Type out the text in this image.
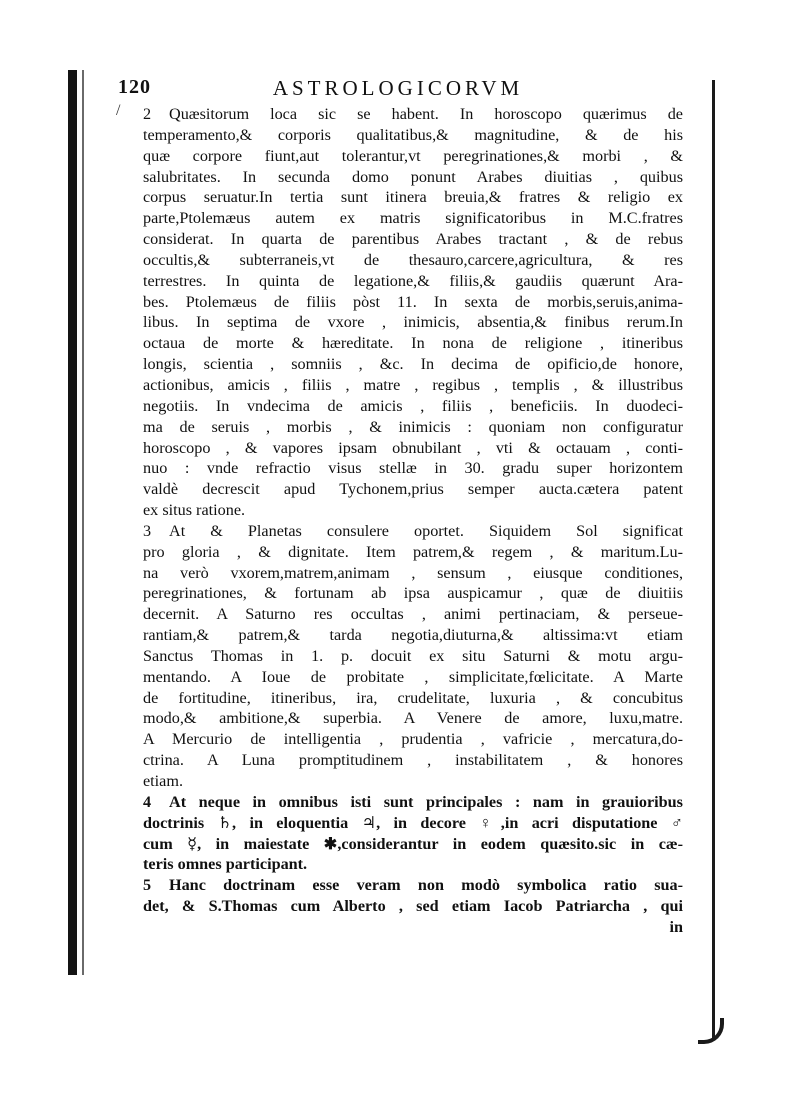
/
120	ASTROLOGICORVM
2 Quæsitorum loca sic se habent. In horoscopo quærimus de
temperamento,& corporis qualitatibus,& magnitudine, & de his
quæ corpore fiunt,aut tolerantur,vt peregrinationes,& morbi , &
salubritates. In secunda domo ponunt Arabes diuitias , quibus
corpus seruatur.In tertia sunt itinera breuia,& fratres & religio ex
parte,Ptolemæus autem ex matris significatoribus in M.C.fratres
considerat. In quarta de parentibus Arabes tractant , & de rebus
occultis,& subterraneis,vt de thesauro,carcere,agricultura, & res
terrestres. In quinta de legatione,& filiis,& gaudiis quærunt Ara-
bes. Ptolemæus de filiis pòst 11. In sexta de morbis,seruis,anima-
libus. In septima de vxore , inimicis, absentia,& finibus rerum.In
octaua de morte & hæreditate. In nona de religione , itineribus
longis, scientia , somniis , &c. In decima de opificio,de honore,
actionibus, amicis , filiis , matre , regibus , templis , & illustribus
negotiis. In vndecima de amicis , filiis , beneficiis. In duodeci-
ma de seruis , morbis , & inimicis : quoniam non configuratur
horoscopo , & vapores ipsam obnubilant , vti & octauam , conti-
nuo : vnde refractio visus stellæ in 30. gradu super horizontem
valdè decrescit apud Tychonem,prius semper aucta.cætera patent
ex situs ratione.
3 At & Planetas consulere oportet. Siquidem Sol significat
pro gloria , & dignitate. Item patrem,& regem , & maritum.Lu-
na verò vxorem,matrem,animam , sensum , eiusque conditiones,
peregrinationes, & fortunam ab ipsa auspicamur , quæ de diuitiis
decernit. A Saturno res occultas , animi pertinaciam, & perseue-
rantiam,& patrem,& tarda negotia,diuturna,& altissima:vt etiam
Sanctus Thomas in 1. p. docuit ex situ Saturni & motu argu-
mentando. A Ioue de probitate , simplicitate,fœlicitate. A Marte
de fortitudine, itineribus, ira, crudelitate, luxuria , & concubitus
modo,& ambitione,& superbia. A Venere de amore, luxu,matre.
A Mercurio de intelligentia , prudentia , vafricie , mercatura,do-
ctrina. A Luna promptitudinem , instabilitatem , & honores
etiam.
4 At neque in omnibus isti sunt principales : nam in grauioribus
doctrinis ♄, in eloquentia ♃, in decore ♀,in acri disputatione ♂
cum ☿, in maiestate ✱,considerantur in eodem quæsito.sic in cæ-
teris omnes participant.
5 Hanc doctrinam esse veram non modò symbolica ratio sua-
det, & S.Thomas cum Alberto , sed etiam Iacob Patriarcha , qui
in
